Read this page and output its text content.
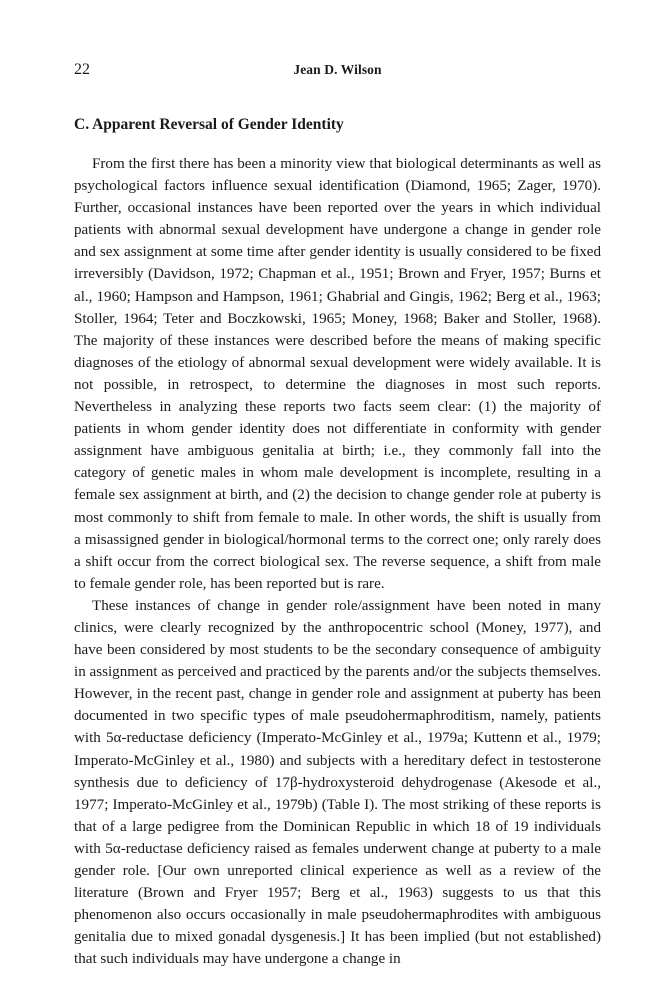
22	Jean D. Wilson
C. Apparent Reversal of Gender Identity

From the first there has been a minority view that biological determinants as well as psychological factors influence sexual identification (Diamond, 1965; Zager, 1970). Further, occasional instances have been reported over the years in which individual patients with abnormal sexual development have undergone a change in gender role and sex assignment at some time after gender identity is usually considered to be fixed irreversibly (Davidson, 1972; Chapman et al., 1951; Brown and Fryer, 1957; Burns et al., 1960; Hampson and Hampson, 1961; Ghabrial and Gingis, 1962; Berg et al., 1963; Stoller, 1964; Teter and Boczkowski, 1965; Money, 1968; Baker and Stoller, 1968). The majority of these instances were described before the means of making specific diagnoses of the etiology of abnormal sexual development were widely available. It is not possible, in retrospect, to determine the diagnoses in most such reports. Nevertheless in analyzing these reports two facts seem clear: (1) the majority of patients in whom gender identity does not differentiate in conformity with gender assignment have ambiguous genitalia at birth; i.e., they commonly fall into the category of genetic males in whom male development is incomplete, resulting in a female sex assignment at birth, and (2) the decision to change gender role at puberty is most commonly to shift from female to male. In other words, the shift is usually from a misassigned gender in biological/hormonal terms to the correct one; only rarely does a shift occur from the correct biological sex. The reverse sequence, a shift from male to female gender role, has been reported but is rare.

These instances of change in gender role/assignment have been noted in many clinics, were clearly recognized by the anthropocentric school (Money, 1977), and have been considered by most students to be the secondary consequence of ambiguity in assignment as perceived and practiced by the parents and/or the subjects themselves. However, in the recent past, change in gender role and assignment at puberty has been documented in two specific types of male pseudohermaphroditism, namely, patients with 5α-reductase deficiency (Imperato-McGinley et al., 1979a; Kuttenn et al., 1979; Imperato-McGinley et al., 1980) and subjects with a hereditary defect in testosterone synthesis due to deficiency of 17β-hydroxysteroid dehydrogenase (Akesode et al., 1977; Imperato-McGinley et al., 1979b) (Table I). The most striking of these reports is that of a large pedigree from the Dominican Republic in which 18 of 19 individuals with 5α-reductase deficiency raised as females underwent change at puberty to a male gender role. [Our own unreported clinical experience as well as a review of the literature (Brown and Fryer 1957; Berg et al., 1963) suggests to us that this phenomenon also occurs occasionally in male pseudohermaphrodites with ambiguous genitalia due to mixed gonadal dysgenesis.] It has been implied (but not established) that such individuals may have undergone a change in
